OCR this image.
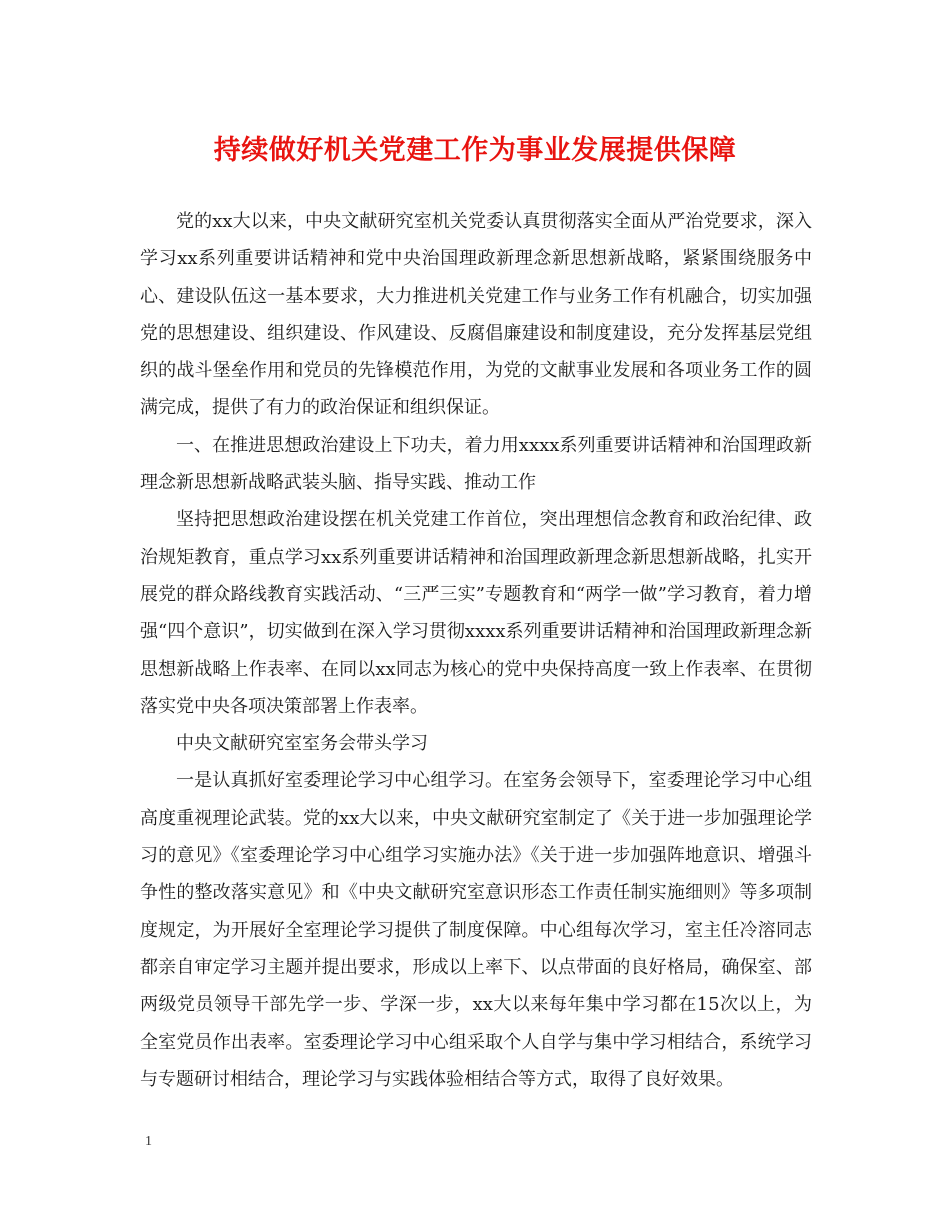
持续做好机关党建工作为事业发展提供保障

党的xx大以来，中央文献研究室机关党委认真贯彻落实全面从严治党要求，深入学习xx系列重要讲话精神和党中央治国理政新理念新思想新战略，紧紧围绕服务中心、建设队伍这一基本要求，大力推进机关党建工作与业务工作有机融合，切实加强党的思想建设、组织建设、作风建设、反腐倡廉建设和制度建设，充分发挥基层党组织的战斗堡垒作用和党员的先锋模范作用，为党的文献事业发展和各项业务工作的圆满完成，提供了有力的政治保证和组织保证。

一、在推进思想政治建设上下功夫，着力用xxxx系列重要讲话精神和治国理政新理念新思想新战略武装头脑、指导实践、推动工作

坚持把思想政治建设摆在机关党建工作首位，突出理想信念教育和政治纪律、政治规矩教育，重点学习xx系列重要讲话精神和治国理政新理念新思想新战略，扎实开展党的群众路线教育实践活动、“三严三实”专题教育和“两学一做”学习教育，着力增强“四个意识”，切实做到在深入学习贯彻xxxx系列重要讲话精神和治国理政新理念新思想新战略上作表率、在同以xx同志为核心的党中央保持高度一致上作表率、在贯彻落实党中央各项决策部署上作表率。

中央文献研究室室务会带头学习

一是认真抓好室委理论学习中心组学习。在室务会领导下，室委理论学习中心组高度重视理论武装。党的xx大以来，中央文献研究室制定了《关于进一步加强理论学习的意见》《室委理论学习中心组学习实施办法》《关于进一步加强阵地意识、增强斗争性的整改落实意见》和《中央文献研究室意识形态工作责任制实施细则》等多项制度规定，为开展好全室理论学习提供了制度保障。中心组每次学习，室主任冷溶同志都亲自审定学习主题并提出要求，形成以上率下、以点带面的良好格局，确保室、部两级党员领导干部先学一步、学深一步，xx大以来每年集中学习都在15次以上，为全室党员作出表率。室委理论学习中心组采取个人自学与集中学习相结合，系统学习与专题研讨相结合，理论学习与实践体验相结合等方式，取得了良好效果。

1
